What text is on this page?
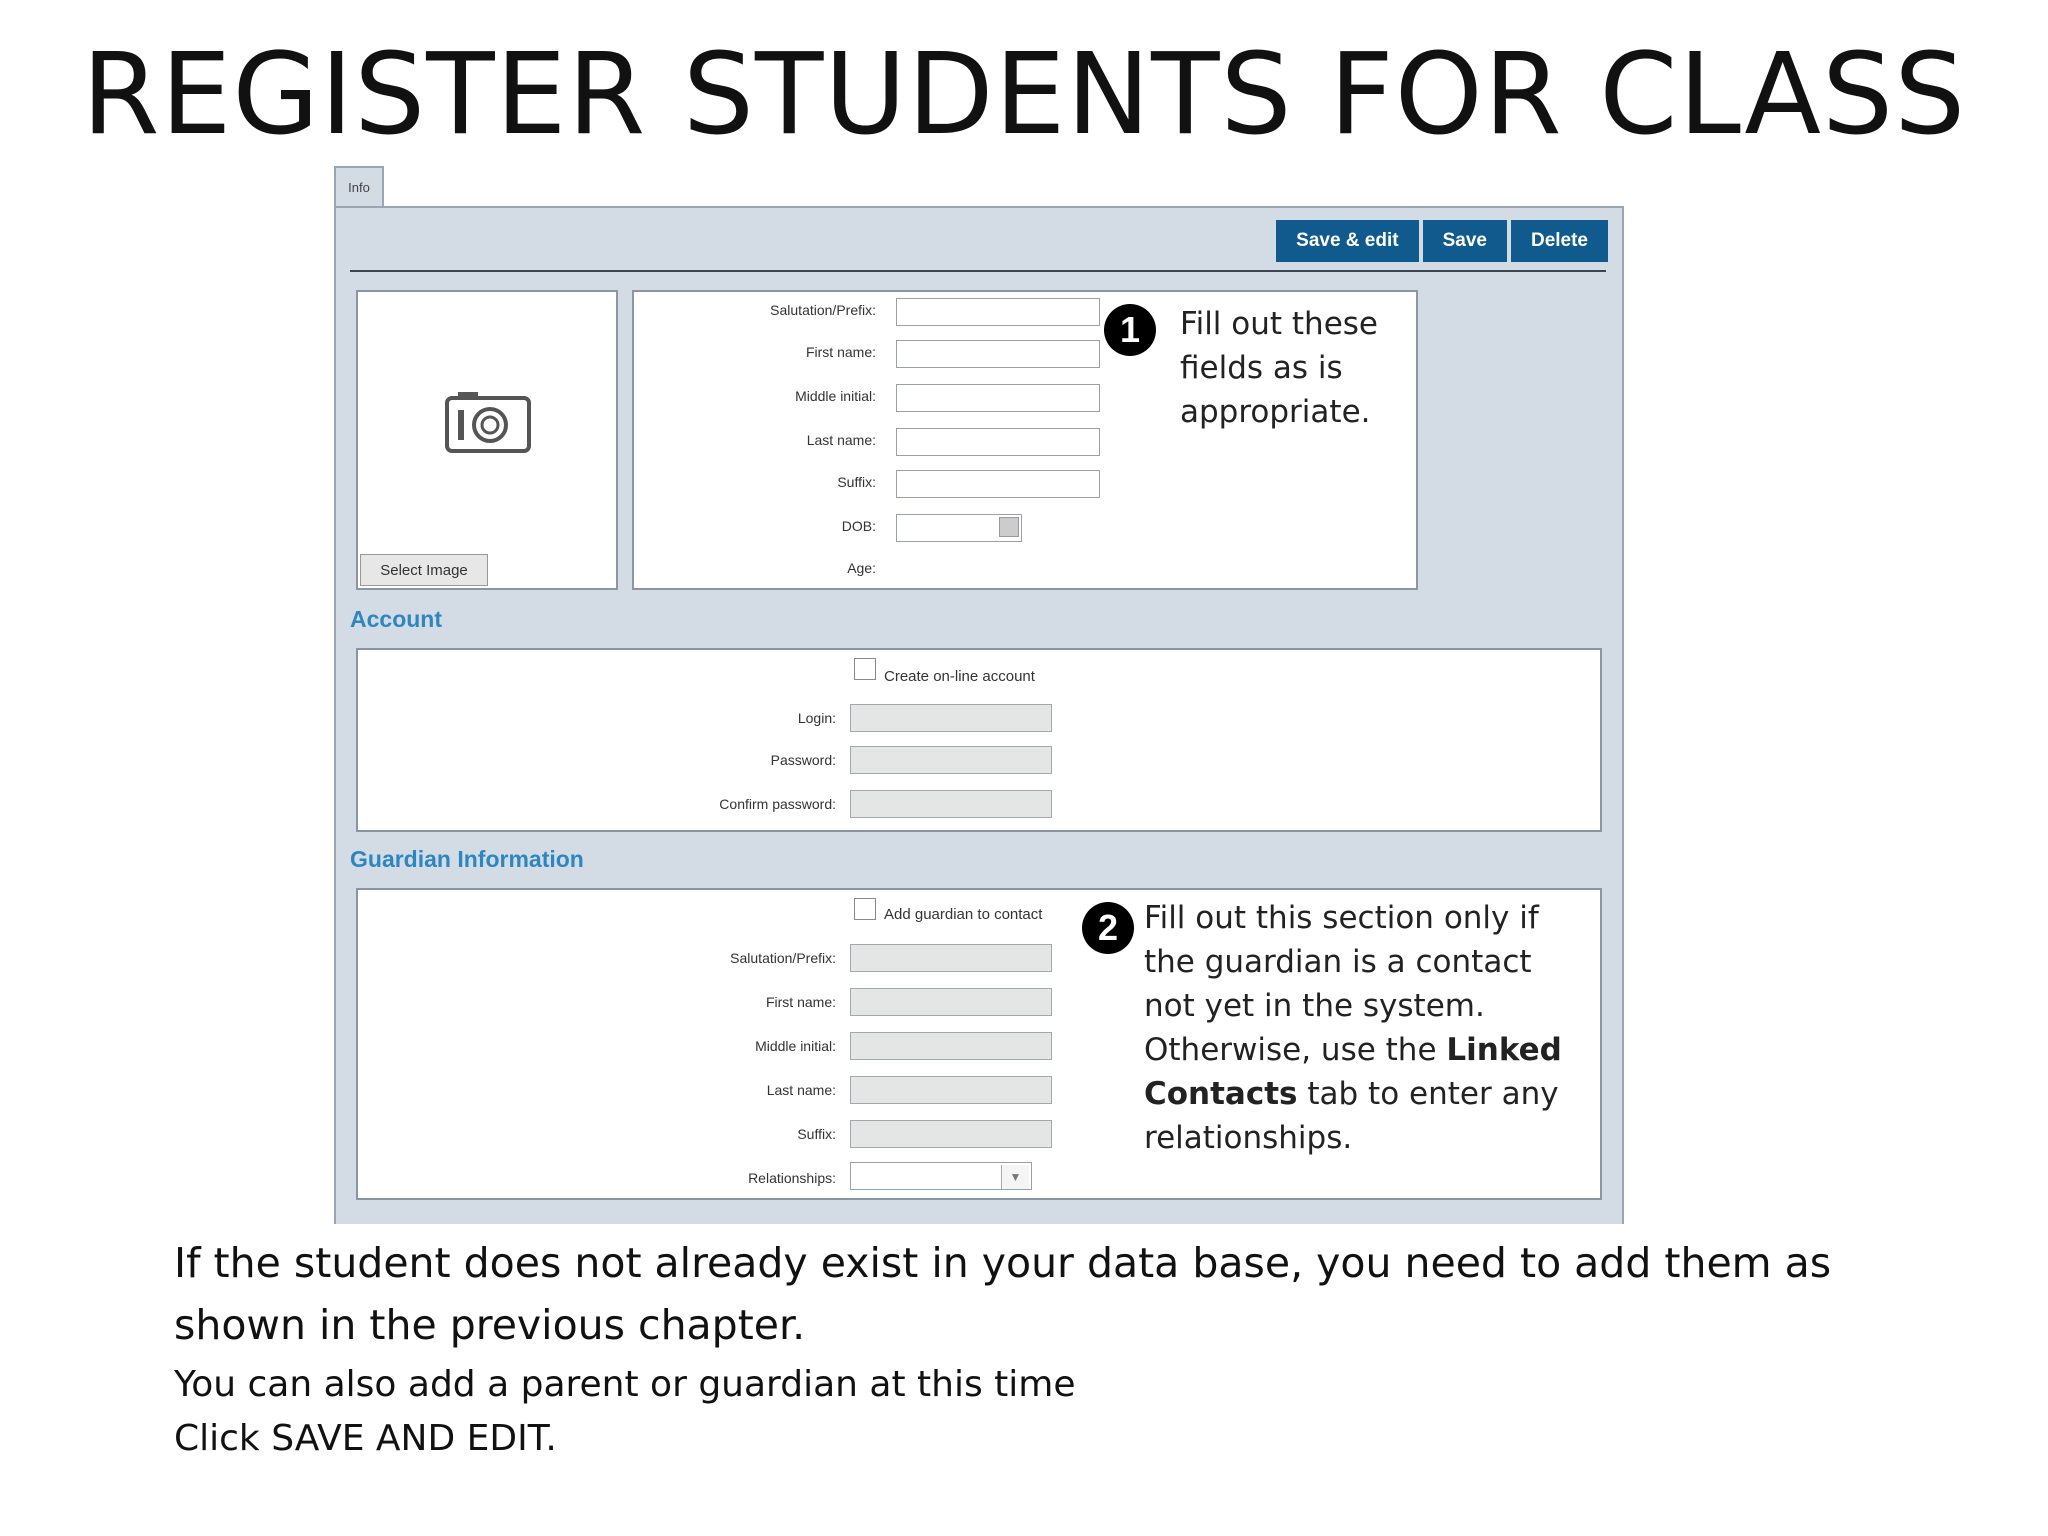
REGISTER STUDENTS FOR CLASS
Info
Save & edit	Save	Delete
Select Image
Salutation/Prefix:
First name:
Middle initial:
Last name:
Suffix:
DOB:
Age:
1	Fill out these fields as is appropriate.
Account
Create on-line account
Login:
Password:
Confirm password:
Guardian Information
Add guardian to contact
Salutation/Prefix:
First name:
Middle initial:
Last name:
Suffix:
Relationships:	▼
2 Fill out this section only if the guardian is a contact not yet in the system. Otherwise, use the Linked Contacts tab to enter any relationships.
If the student does not already exist in your data base, you need to add them as shown in the previous chapter.
You can also add a parent or guardian at this time
Click SAVE AND EDIT.
